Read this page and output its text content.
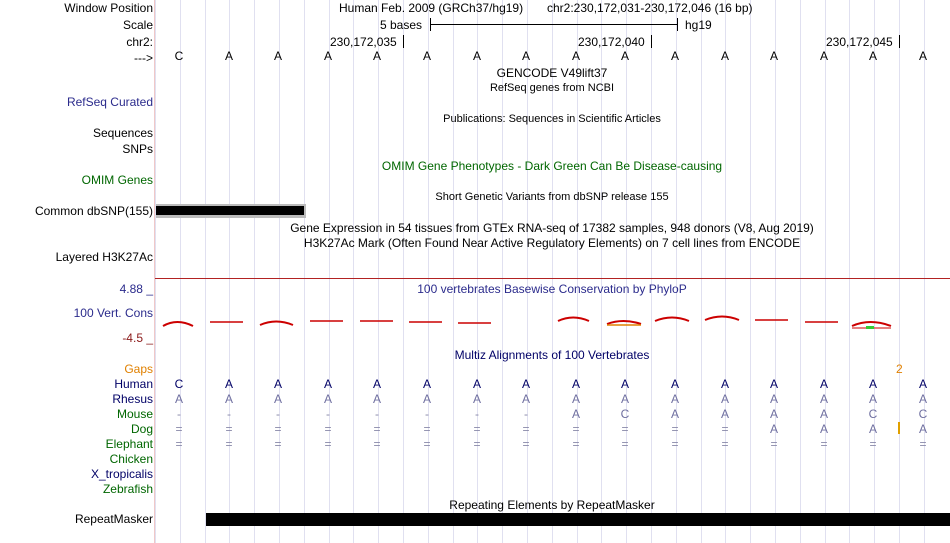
Window Position	Human Feb. 2009 (GRCh37/hg19) chr2:230,172,031-230,172,046 (16 bp)
Scale	5 bases	hg19
chr2:	230,172,035	230,172,040	230,172,045
--->	C	A	A	A	A	A	A	A	A	A	A	A	A	A	A	A
GENCODE V49lift37
RefSeq genes from NCBI
RefSeq Curated
Publications: Sequences in Scientific Articles
Sequences
SNPs
OMIM Gene Phenotypes - Dark Green Can Be Disease-causing
OMIM Genes
Short Genetic Variants from dbSNP release 155
Common dbSNP(155)
Gene Expression in 54 tissues from GTEx RNA-seq of 17382 samples, 948 donors (V8, Aug 2019)
H3K27Ac Mark (Often Found Near Active Regulatory Elements) on 7 cell lines from ENCODE
Layered H3K27Ac
100 vertebrates Basewise Conservation by PhyloP
4.88 _
100 Vert. Cons
-4.5 _
Multiz Alignments of 100 Vertebrates
Gaps	2
Human	C	A	A	A	A	A	A	A	A	A	A	A	A	A	A	A
Rhesus	A	A	A	A	A	A	A	A	A	A	A	A	A	A	A	A
Mouse	-	-	-	-	-	-	-	-	A	C	A	A	A	A	C	C
Dog	=	=	=	=	=	=	=	=	=	=	=	=	A	A	A	A
Elephant	=	=	=	=	=	=	=	=	=	=	=	=	=	=	=	=
Chicken
X_tropicalis
Zebrafish
Repeating Elements by RepeatMasker
RepeatMasker
